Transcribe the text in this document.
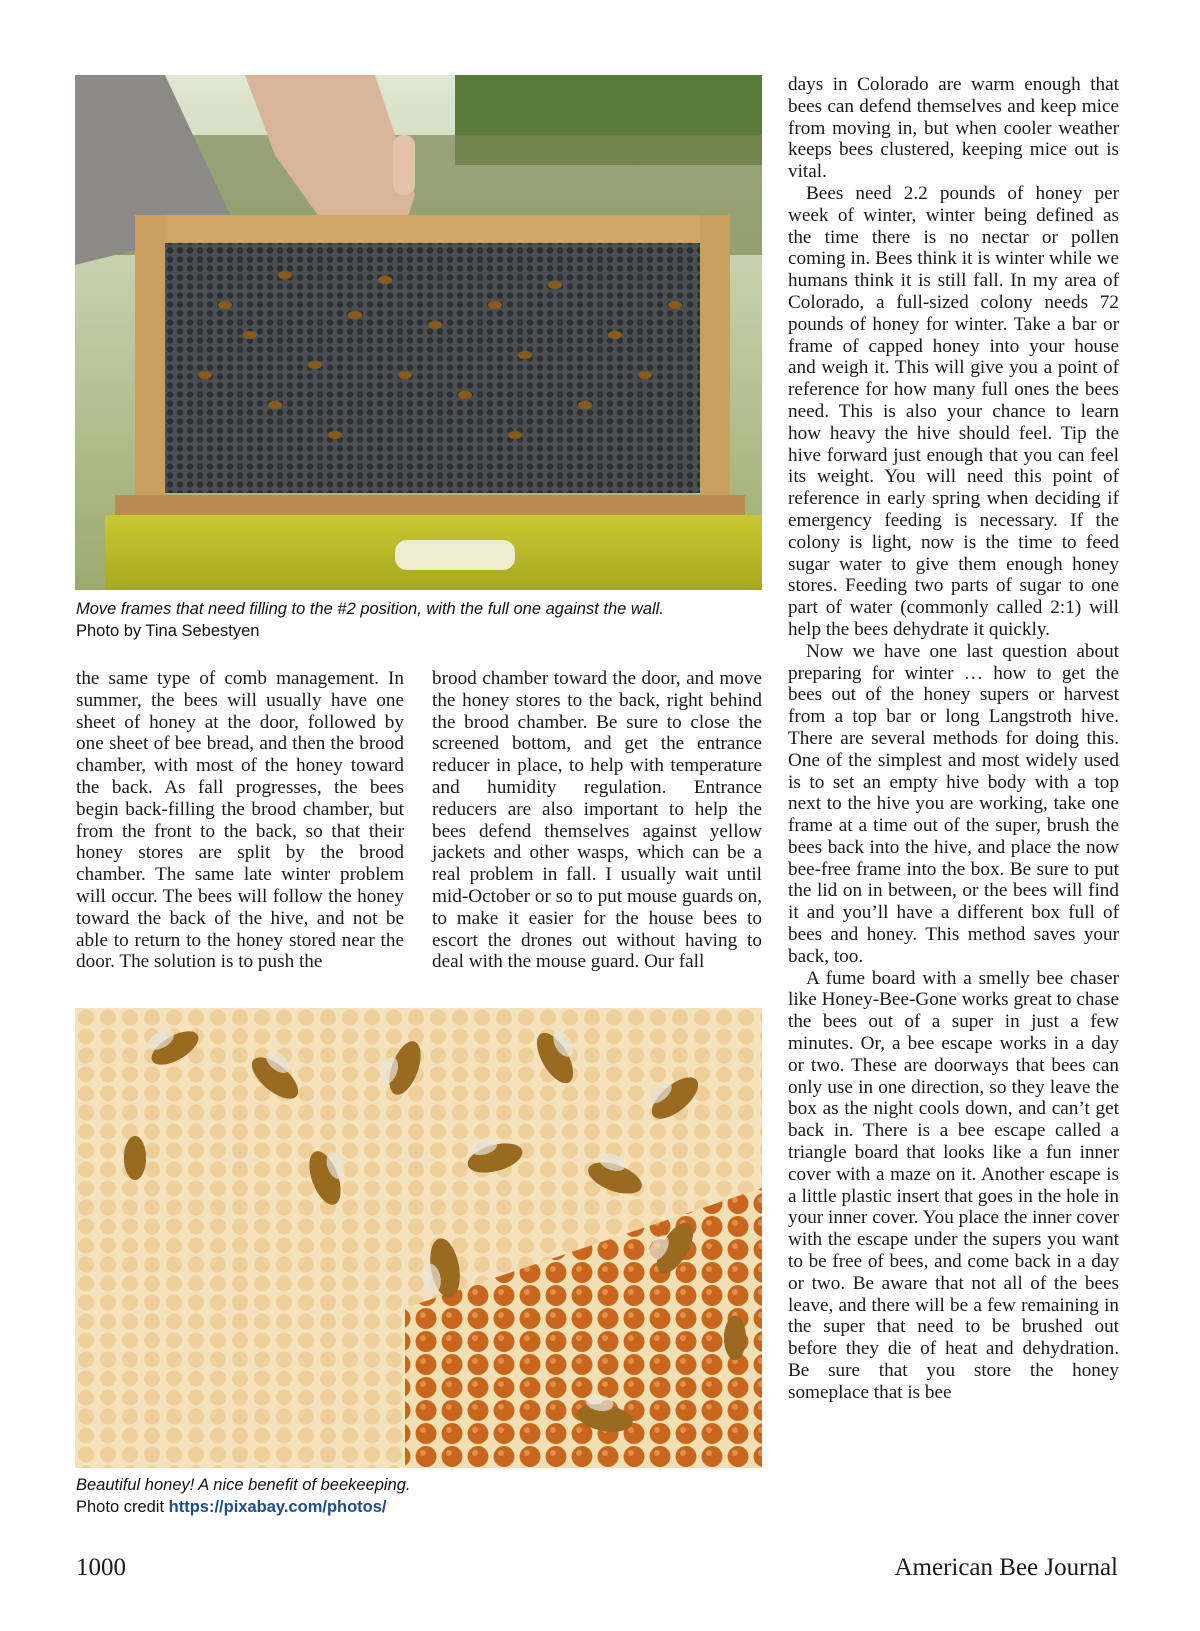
Move frames that need filling to the #2 position, with the full one against the wall.
Photo by Tina Sebestyen

the same type of comb management. In summer, the bees will usually have one sheet of honey at the door, followed by one sheet of bee bread, and then the brood chamber, with most of the honey toward the back. As fall progresses, the bees begin back-filling the brood chamber, but from the front to the back, so that their honey stores are split by the brood chamber. The same late winter problem will occur. The bees will follow the honey toward the back of the hive, and not be able to return to the honey stored near the door. The solution is to push the

brood chamber toward the door, and move the honey stores to the back, right behind the brood chamber. Be sure to close the screened bottom, and get the entrance reducer in place, to help with temperature and humidity regulation. Entrance reducers are also important to help the bees defend themselves against yellow jackets and other wasps, which can be a real problem in fall. I usually wait until mid-October or so to put mouse guards on, to make it easier for the house bees to escort the drones out without having to deal with the mouse guard. Our fall

Beautiful honey! A nice benefit of beekeeping.
Photo credit https://pixabay.com/photos/

days in Colorado are warm enough that bees can defend themselves and keep mice from moving in, but when cooler weather keeps bees clustered, keeping mice out is vital.

Bees need 2.2 pounds of honey per week of winter, winter being defined as the time there is no nectar or pollen coming in. Bees think it is winter while we humans think it is still fall. In my area of Colorado, a full-sized colony needs 72 pounds of honey for winter. Take a bar or frame of capped honey into your house and weigh it. This will give you a point of reference for how many full ones the bees need. This is also your chance to learn how heavy the hive should feel. Tip the hive forward just enough that you can feel its weight. You will need this point of reference in early spring when deciding if emergency feeding is necessary. If the colony is light, now is the time to feed sugar water to give them enough honey stores. Feeding two parts of sugar to one part of water (commonly called 2:1) will help the bees dehydrate it quickly.

Now we have one last question about preparing for winter … how to get the bees out of the honey supers or harvest from a top bar or long Langstroth hive. There are several methods for doing this. One of the simplest and most widely used is to set an empty hive body with a top next to the hive you are working, take one frame at a time out of the super, brush the bees back into the hive, and place the now bee-free frame into the box. Be sure to put the lid on in between, or the bees will find it and you’ll have a different box full of bees and honey. This method saves your back, too.

A fume board with a smelly bee chaser like Honey-Bee-Gone works great to chase the bees out of a super in just a few minutes. Or, a bee escape works in a day or two. These are doorways that bees can only use in one direction, so they leave the box as the night cools down, and can’t get back in. There is a bee escape called a triangle board that looks like a fun inner cover with a maze on it. Another escape is a little plastic insert that goes in the hole in your inner cover. You place the inner cover with the escape under the supers you want to be free of bees, and come back in a day or two. Be aware that not all of the bees leave, and there will be a few remaining in the super that need to be brushed out before they die of heat and dehydration. Be sure that you store the honey someplace that is bee

1000	American Bee Journal
